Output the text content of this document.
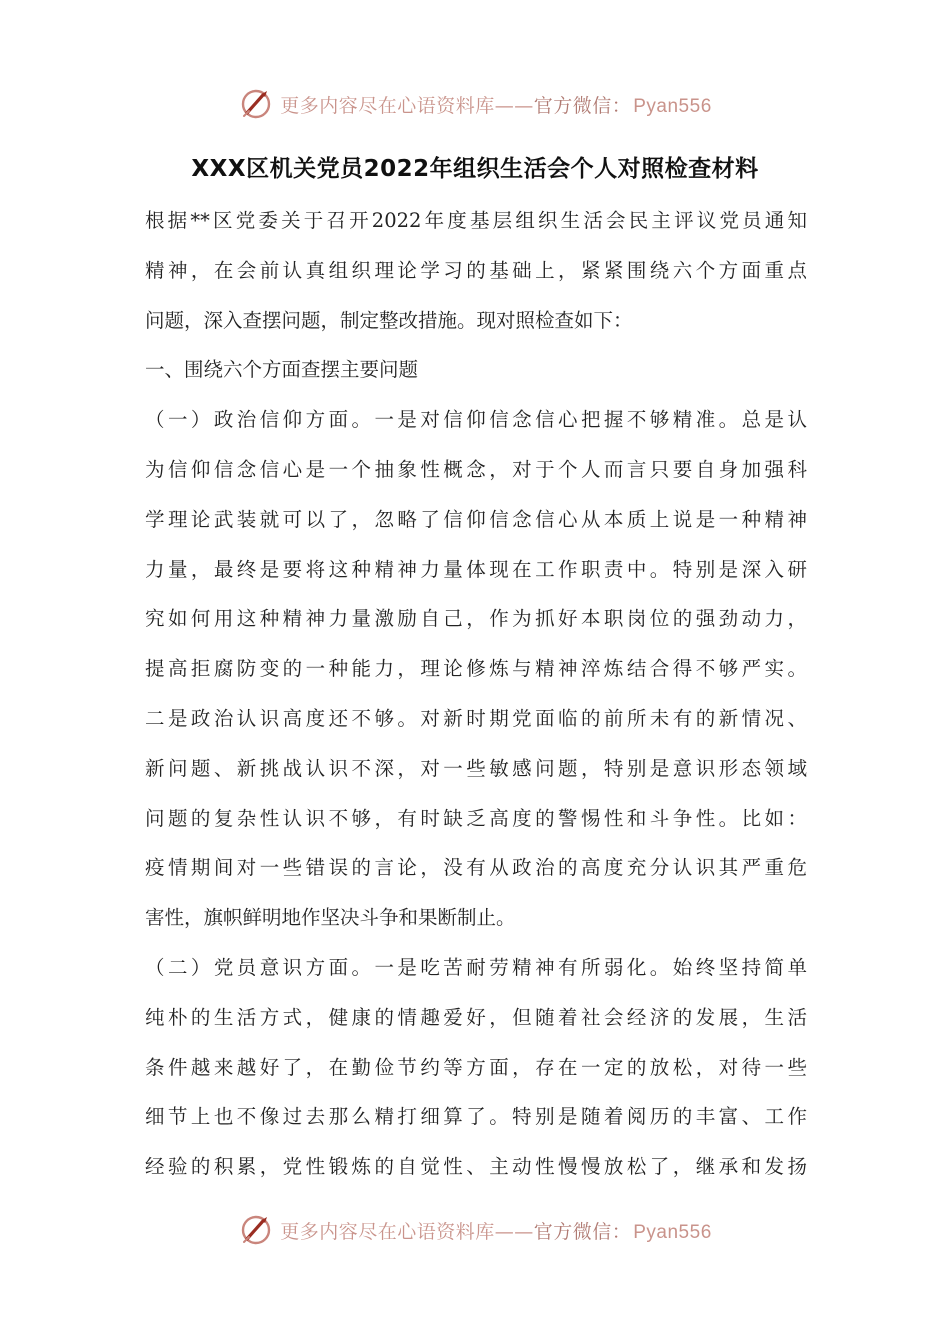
更多内容尽在心语资料库——官方微信： Pyan556
XXX区机关党员2022年组织生活会个人对照检查材料
根据**区党委关于召开2022年度基层组织生活会民主评议党员通知
精神，在会前认真组织理论学习的基础上，紧紧围绕六个方面重点
问题，深入查摆问题，制定整改措施。现对照检查如下：
一、围绕六个方面查摆主要问题
（一）政治信仰方面。一是对信仰信念信心把握不够精准。总是认
为信仰信念信心是一个抽象性概念，对于个人而言只要自身加强科
学理论武装就可以了，忽略了信仰信念信心从本质上说是一种精神
力量，最终是要将这种精神力量体现在工作职责中。特别是深入研
究如何用这种精神力量激励自己，作为抓好本职岗位的强劲动力，
提高拒腐防变的一种能力，理论修炼与精神淬炼结合得不够严实。
二是政治认识高度还不够。对新时期党面临的前所未有的新情况、
新问题、新挑战认识不深，对一些敏感问题，特别是意识形态领域
问题的复杂性认识不够，有时缺乏高度的警惕性和斗争性。比如：
疫情期间对一些错误的言论，没有从政治的高度充分认识其严重危
害性，旗帜鲜明地作坚决斗争和果断制止。
（二）党员意识方面。一是吃苦耐劳精神有所弱化。始终坚持简单
纯朴的生活方式，健康的情趣爱好，但随着社会经济的发展，生活
条件越来越好了，在勤俭节约等方面，存在一定的放松，对待一些
细节上也不像过去那么精打细算了。特别是随着阅历的丰富、工作
经验的积累，党性锻炼的自觉性、主动性慢慢放松了，继承和发扬
更多内容尽在心语资料库——官方微信： Pyan556
